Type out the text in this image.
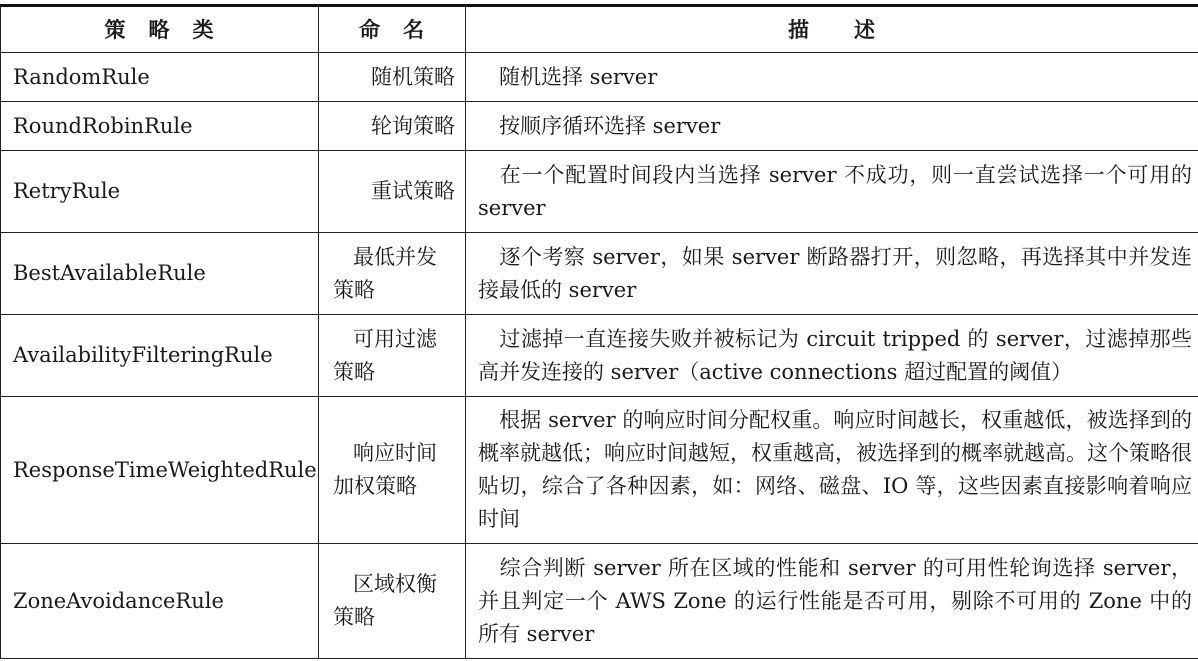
策　略　类	命　名	描　　述
RandomRule	随机策略	随机选择 server
RoundRobinRule	轮询策略	按顺序循环选择 server
RetryRule	重试策略	在一个配置时间段内当选择 server 不成功，则一直尝试选择一个可用的 server
BestAvailableRule	最低并发策略	逐个考察 server，如果 server 断路器打开，则忽略，再选择其中并发连接最低的 server
AvailabilityFilteringRule	可用过滤策略	过滤掉一直连接失败并被标记为 circuit tripped 的 server，过滤掉那些高并发连接的 server（active connections 超过配置的阈值）
ResponseTimeWeightedRule	响应时间加权策略	根据 server 的响应时间分配权重。响应时间越长，权重越低，被选择到的概率就越低；响应时间越短，权重越高，被选择到的概率就越高。这个策略很贴切，综合了各种因素，如：网络、磁盘、IO 等，这些因素直接影响着响应时间
ZoneAvoidanceRule	区域权衡策略	综合判断 server 所在区域的性能和 server 的可用性轮询选择 server，并且判定一个 AWS Zone 的运行性能是否可用，剔除不可用的 Zone 中的所有 server
